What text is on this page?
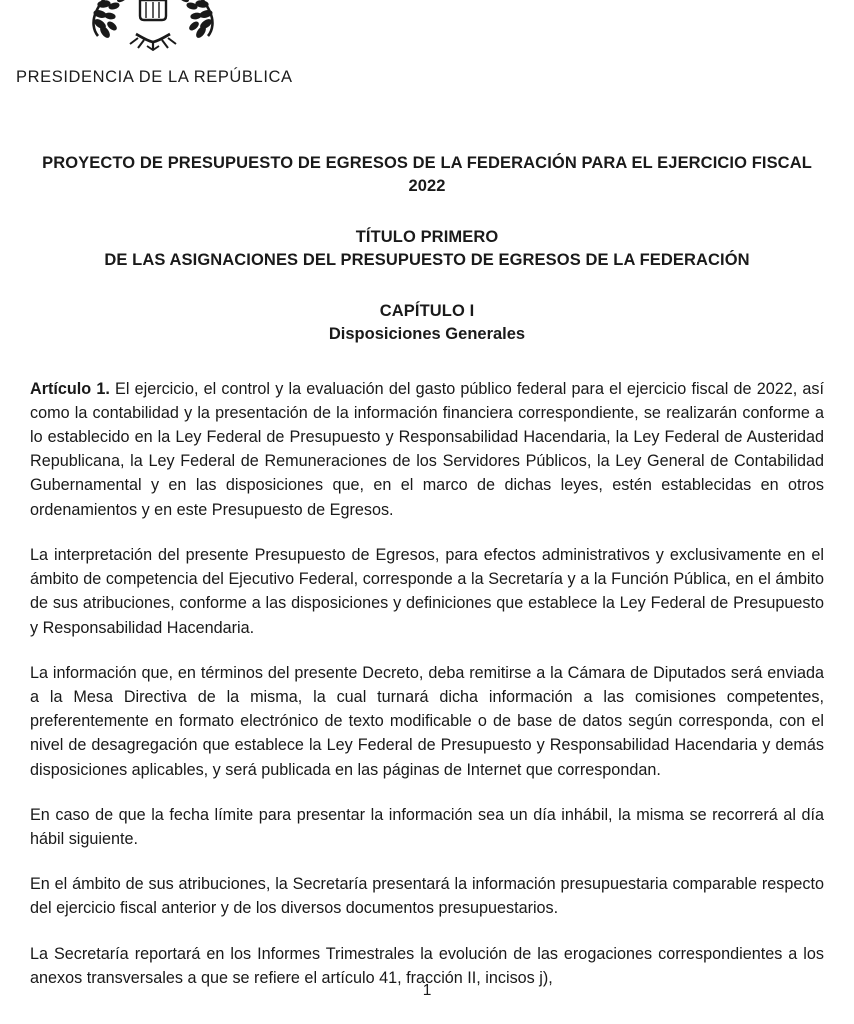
PRESIDENCIA DE LA REPÚBLICA
PROYECTO DE PRESUPUESTO DE EGRESOS DE LA FEDERACIÓN PARA EL EJERCICIO FISCAL 2022
TÍTULO PRIMERO
DE LAS ASIGNACIONES DEL PRESUPUESTO DE EGRESOS DE LA FEDERACIÓN
CAPÍTULO I
Disposiciones Generales

Artículo 1. El ejercicio, el control y la evaluación del gasto público federal para el ejercicio fiscal de 2022, así como la contabilidad y la presentación de la información financiera correspondiente, se realizarán conforme a lo establecido en la Ley Federal de Presupuesto y Responsabilidad Hacendaria, la Ley Federal de Austeridad Republicana, la Ley Federal de Remuneraciones de los Servidores Públicos, la Ley General de Contabilidad Gubernamental y en las disposiciones que, en el marco de dichas leyes, estén establecidas en otros ordenamientos y en este Presupuesto de Egresos.

La interpretación del presente Presupuesto de Egresos, para efectos administrativos y exclusivamente en el ámbito de competencia del Ejecutivo Federal, corresponde a la Secretaría y a la Función Pública, en el ámbito de sus atribuciones, conforme a las disposiciones y definiciones que establece la Ley Federal de Presupuesto y Responsabilidad Hacendaria.

La información que, en términos del presente Decreto, deba remitirse a la Cámara de Diputados será enviada a la Mesa Directiva de la misma, la cual turnará dicha información a las comisiones competentes, preferentemente en formato electrónico de texto modificable o de base de datos según corresponda, con el nivel de desagregación que establece la Ley Federal de Presupuesto y Responsabilidad Hacendaria y demás disposiciones aplicables, y será publicada en las páginas de Internet que correspondan.

En caso de que la fecha límite para presentar la información sea un día inhábil, la misma se recorrerá al día hábil siguiente.

En el ámbito de sus atribuciones, la Secretaría presentará la información presupuestaria comparable respecto del ejercicio fiscal anterior y de los diversos documentos presupuestarios.

La Secretaría reportará en los Informes Trimestrales la evolución de las erogaciones correspondientes a los anexos transversales a que se refiere el artículo 41, fracción II, incisos j),

1
